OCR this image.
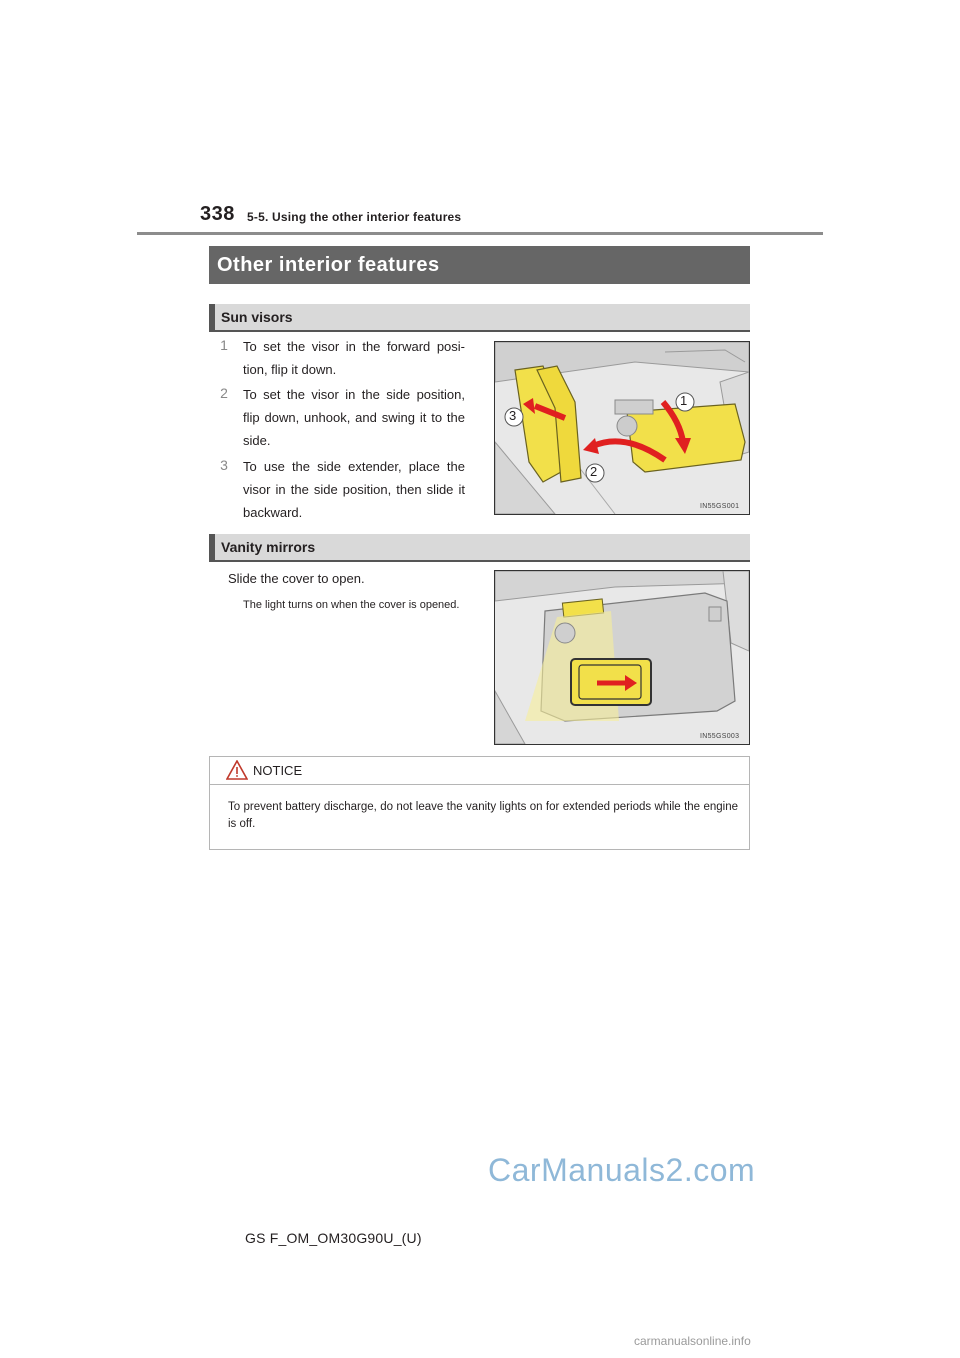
338 5-5. Using the other interior features
Other interior features
Sun visors
1 To set the visor in the forward posi-tion, flip it down.
2 To set the visor in the side position, flip down, unhook, and swing it to the side.
3 To use the side extender, place the visor in the side position, then slide it backward.
1
2
3
IN55GS001
Vanity mirrors
Slide the cover to open.
The light turns on when the cover is opened.
IN55GS003
NOTICE
To prevent battery discharge, do not leave the vanity lights on for extended periods while the engine is off.
GS F_OM_OM30G90U_(U)
CarManuals2.com
carmanualsonline.info
